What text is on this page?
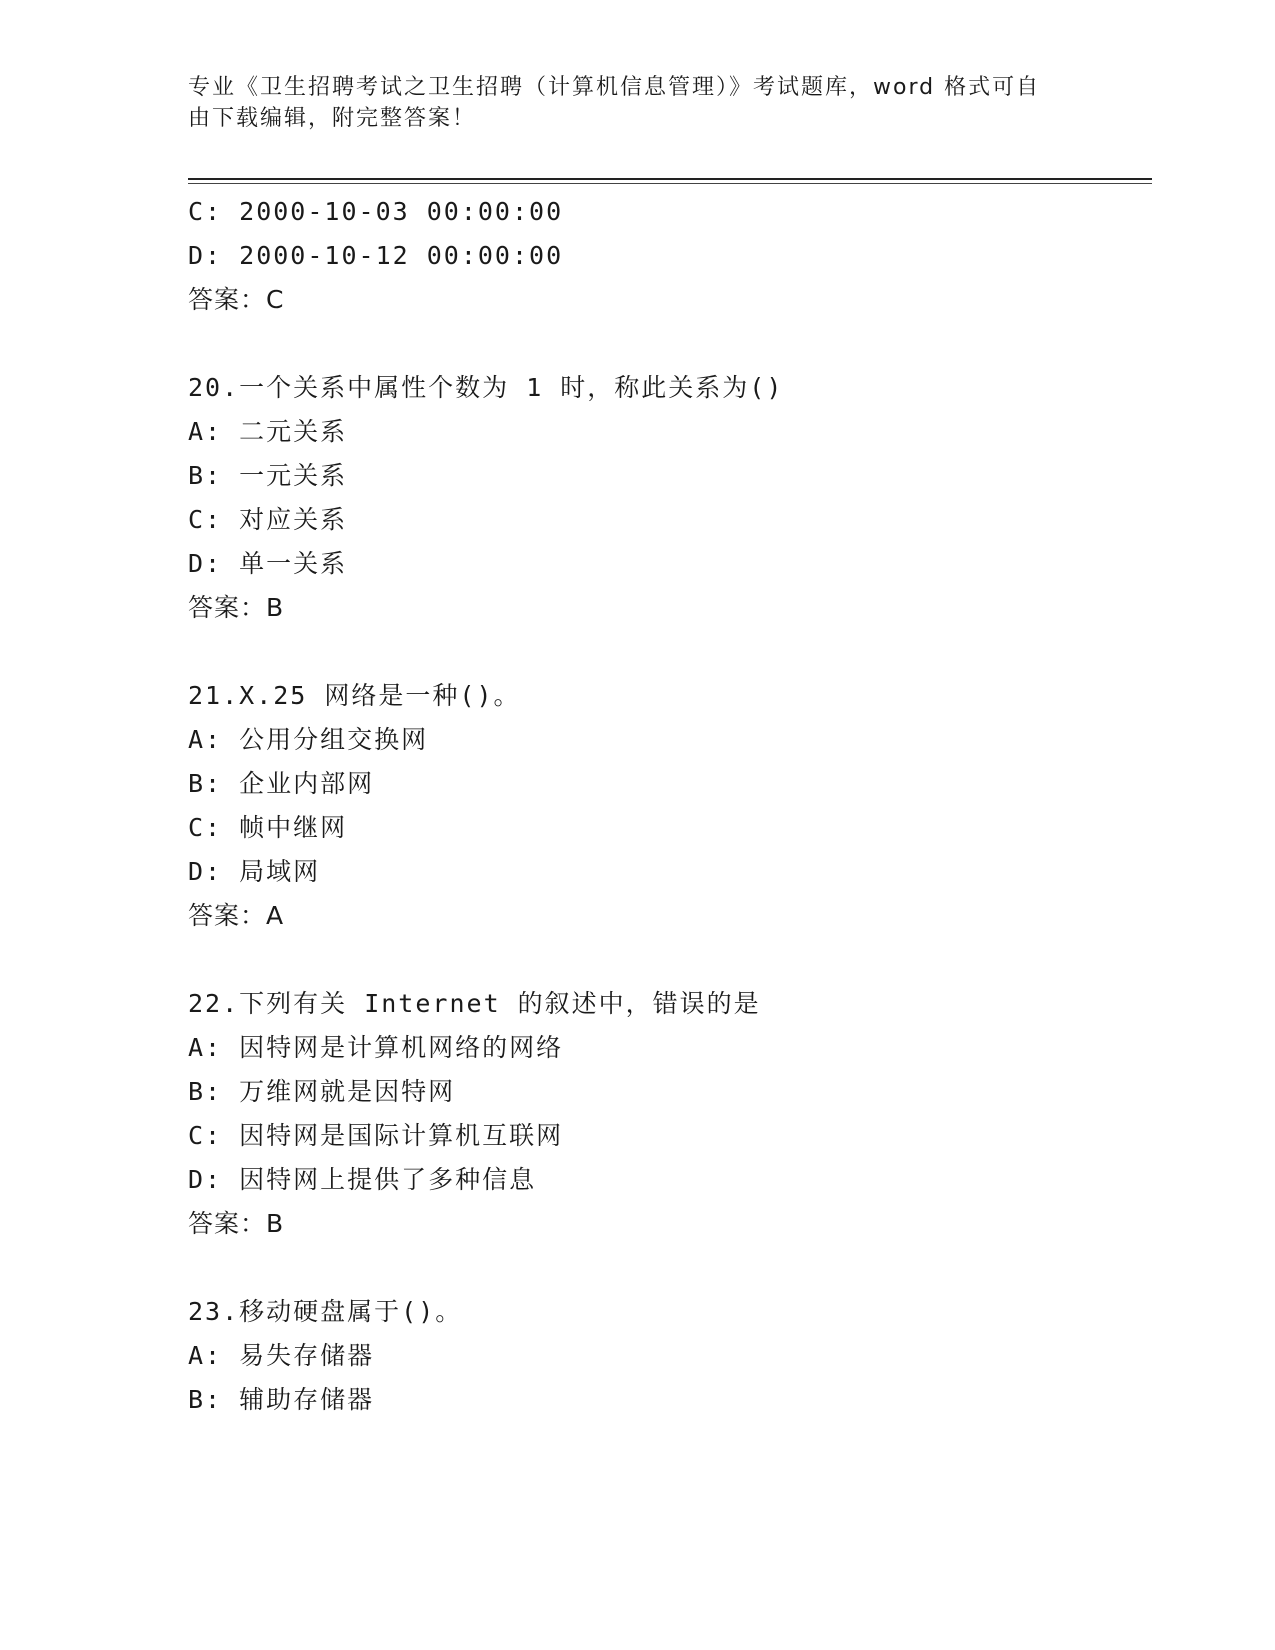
专业《卫生招聘考试之卫生招聘（计算机信息管理）》考试题库，word 格式可自
由下载编辑，附完整答案！
C: 2000-10-03 00:00:00
D: 2000-10-12 00:00:00
答案：C
20.一个关系中属性个数为 1 时，称此关系为()
A: 二元关系
B: 一元关系
C: 对应关系
D: 单一关系
答案：B
21.X.25 网络是一种()。
A: 公用分组交换网
B: 企业内部网
C: 帧中继网
D: 局域网
答案：A
22.下列有关 Internet 的叙述中，错误的是
A: 因特网是计算机网络的网络
B: 万维网就是因特网
C: 因特网是国际计算机互联网
D: 因特网上提供了多种信息
答案：B
23.移动硬盘属于()。
A: 易失存储器
B: 辅助存储器
